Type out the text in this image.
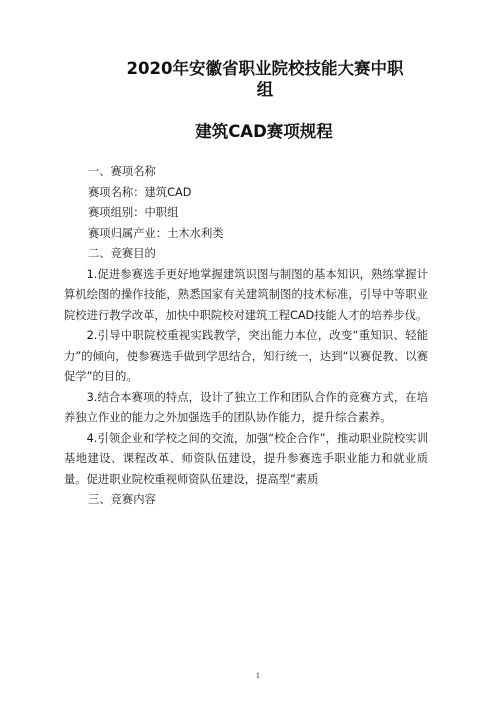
2020年安徽省职业院校技能大赛中职
组
建筑CAD赛项规程

一、赛项名称

赛项名称：建筑CAD

赛项组别：中职组

赛项归属产业：土木水利类

二、竞赛目的

1.促进参赛选手更好地掌握建筑识图与制图的基本知识，熟练掌握计算机绘图的操作技能，熟悉国家有关建筑制图的技术标准，引导中等职业院校进行教学改革，加快中职院校对建筑工程CAD技能人才的培养步伐。

2.引导中职院校重视实践教学，突出能力本位，改变“重知识、轻能力”的倾向，使参赛选手做到学思结合，知行统一，达到“以赛促教、以赛促学”的目的。

3.结合本赛项的特点，设计了独立工作和团队合作的竞赛方式，在培养独立作业的能力之外加强选手的团队协作能力，提升综合素养。

4.引领企业和学校之间的交流，加强“校企合作”，推动职业院校实训基地建设、课程改革、师资队伍建设，提升参赛选手职业能力和就业质量。促进职业院校重视师资队伍建设，提高型”素质

三、竞赛内容

1
